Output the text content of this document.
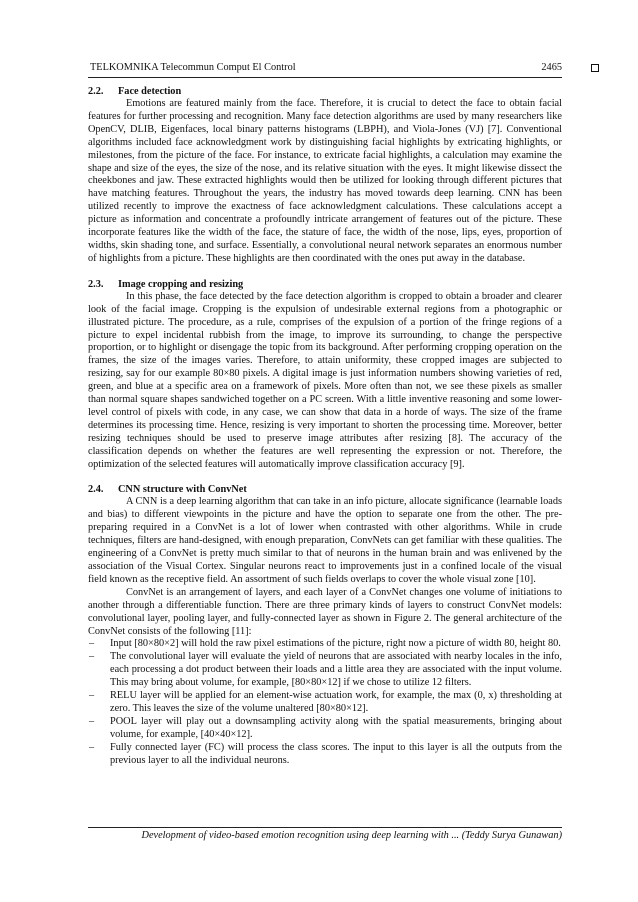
TELKOMNIKA Telecommun Comput El Control	2465
2.2. Face detection

Emotions are featured mainly from the face. Therefore, it is crucial to detect the face to obtain facial features for further processing and recognition. Many face detection algorithms are used by many researchers like OpenCV, DLIB, Eigenfaces, local binary patterns histograms (LBPH), and Viola-Jones (VJ) [7]. Conventional algorithms included face acknowledgment work by distinguishing facial highlights by extricating highlights, or milestones, from the picture of the face. For instance, to extricate facial highlights, a calculation may examine the shape and size of the eyes, the size of the nose, and its relative situation with the eyes. It might likewise dissect the cheekbones and jaw. These extracted highlights would then be utilized for looking through different pictures that have matching features. Throughout the years, the industry has moved towards deep learning. CNN has been utilized recently to improve the exactness of face acknowledgment calculations. These calculations accept a picture as information and concentrate a profoundly intricate arrangement of features out of the picture. These incorporate features like the width of the face, the stature of face, the width of the nose, lips, eyes, proportion of widths, skin shading tone, and surface. Essentially, a convolutional neural network separates an enormous number of highlights from a picture. These highlights are then coordinated with the ones put away in the database.

2.3. Image cropping and resizing

In this phase, the face detected by the face detection algorithm is cropped to obtain a broader and clearer look of the facial image. Cropping is the expulsion of undesirable external regions from a photographic or illustrated picture. The procedure, as a rule, comprises of the expulsion of a portion of the fringe regions of a picture to expel incidental rubbish from the image, to improve its surrounding, to change the perspective proportion, or to highlight or disengage the topic from its background. After performing cropping operation on the frames, the size of the images varies. Therefore, to attain uniformity, these cropped images are subjected to resizing, say for our example 80×80 pixels. A digital image is just information numbers showing varieties of red, green, and blue at a specific area on a framework of pixels. More often than not, we see these pixels as smaller than normal square shapes sandwiched together on a PC screen. With a little inventive reasoning and some lower-level control of pixels with code, in any case, we can show that data in a horde of ways. The size of the frame determines its processing time. Hence, resizing is very important to shorten the processing time. Moreover, better resizing techniques should be used to preserve image attributes after resizing [8]. The accuracy of the classification depends on whether the features are well representing the expression or not. Therefore, the optimization of the selected features will automatically improve classification accuracy [9].

2.4. CNN structure with ConvNet

A CNN is a deep learning algorithm that can take in an info picture, allocate significance (learnable loads and bias) to different viewpoints in the picture and have the option to separate one from the other. The pre-preparing required in a ConvNet is a lot of lower when contrasted with other algorithms. While in crude techniques, filters are hand-designed, with enough preparation, ConvNets can get familiar with these qualities. The engineering of a ConvNet is pretty much similar to that of neurons in the human brain and was enlivened by the association of the Visual Cortex. Singular neurons react to improvements just in a confined locale of the visual field known as the receptive field. An assortment of such fields overlaps to cover the whole visual zone [10].

ConvNet is an arrangement of layers, and each layer of a ConvNet changes one volume of initiations to another through a differentiable function. There are three primary kinds of layers to construct ConvNet models: convolutional layer, pooling layer, and fully-connected layer as shown in Figure 2. The general architecture of the ConvNet consists of the following [11]:

– Input [80×80×2] will hold the raw pixel estimations of the picture, right now a picture of width 80, height 80.
– The convolutional layer will evaluate the yield of neurons that are associated with nearby locales in the info, each processing a dot product between their loads and a little area they are associated with the input volume. This may bring about volume, for example, [80×80×12] if we chose to utilize 12 filters.
– RELU layer will be applied for an element-wise actuation work, for example, the max (0, x) thresholding at zero. This leaves the size of the volume unaltered [80×80×12].
– POOL layer will play out a downsampling activity along with the spatial measurements, bringing about volume, for example, [40×40×12].
– Fully connected layer (FC) will process the class scores. The input to this layer is all the outputs from the previous layer to all the individual neurons.
Development of video-based emotion recognition using deep learning with ... (Teddy Surya Gunawan)
